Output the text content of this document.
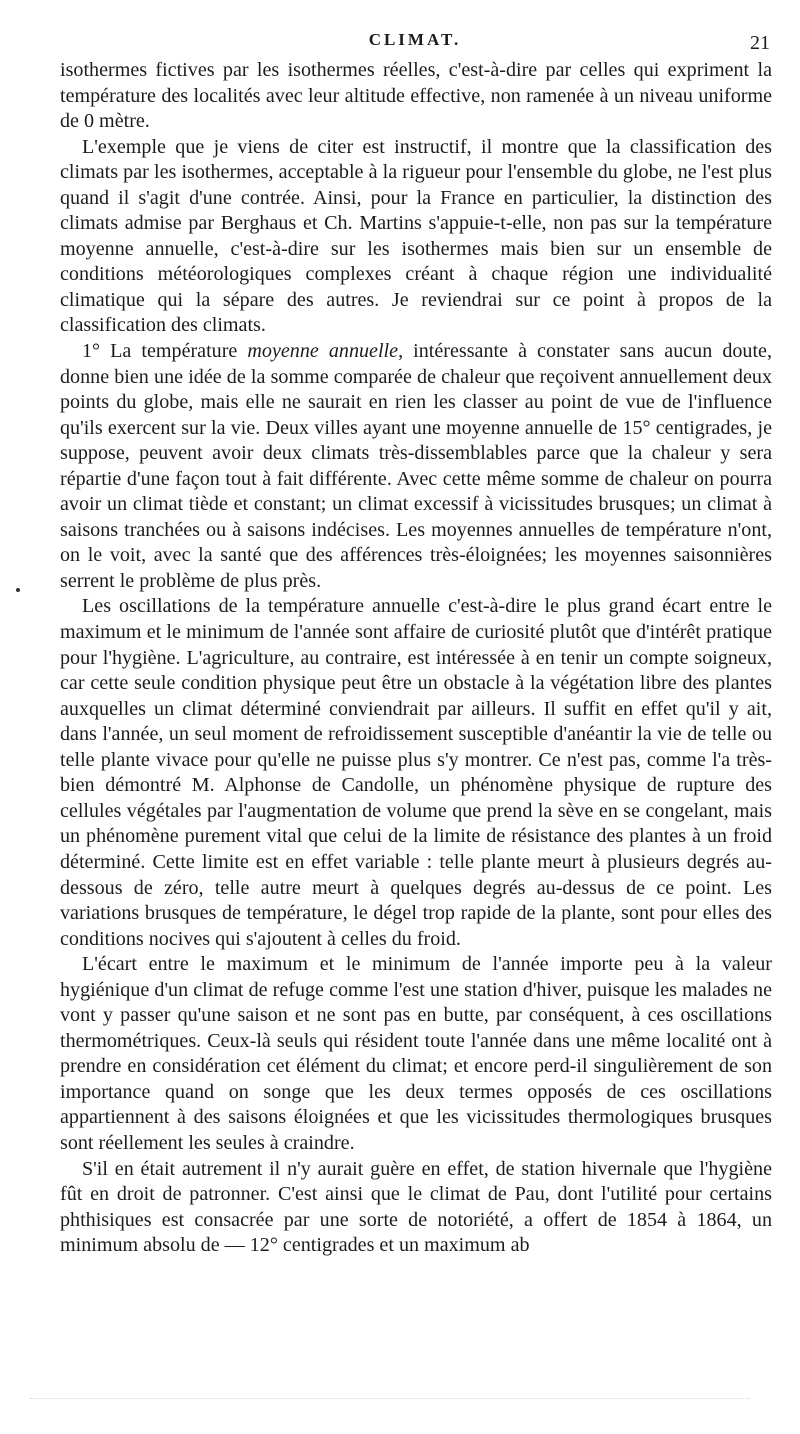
CLIMAT.	21

isothermes fictives par les isothermes réelles, c'est-à-dire par celles qui expriment la température des localités avec leur altitude effective, non ramenée à un niveau uniforme de 0 mètre.

L'exemple que je viens de citer est instructif, il montre que la classification des climats par les isothermes, acceptable à la rigueur pour l'ensemble du globe, ne l'est plus quand il s'agit d'une contrée. Ainsi, pour la France en particulier, la distinction des climats admise par Berghaus et Ch. Martins s'appuie-t-elle, non pas sur la température moyenne annuelle, c'est-à-dire sur les isothermes mais bien sur un ensemble de conditions météorologiques complexes créant à chaque région une individualité climatique qui la sépare des autres. Je reviendrai sur ce point à propos de la classification des climats.

1° La température moyenne annuelle, intéressante à constater sans aucun doute, donne bien une idée de la somme comparée de chaleur que reçoivent annuellement deux points du globe, mais elle ne saurait en rien les classer au point de vue de l'influence qu'ils exercent sur la vie. Deux villes ayant une moyenne annuelle de 15° centigrades, je suppose, peuvent avoir deux climats très-dissemblables parce que la chaleur y sera répartie d'une façon tout à fait différente. Avec cette même somme de chaleur on pourra avoir un climat tiède et constant; un climat excessif à vicissitudes brusques; un climat à saisons tranchées ou à saisons indécises. Les moyennes annuelles de température n'ont, on le voit, avec la santé que des afférences très-éloignées; les moyennes saisonnières serrent le problème de plus près.

Les oscillations de la température annuelle c'est-à-dire le plus grand écart entre le maximum et le minimum de l'année sont affaire de curiosité plutôt que d'intérêt pratique pour l'hygiène. L'agriculture, au contraire, est intéressée à en tenir un compte soigneux, car cette seule condition physique peut être un obstacle à la végétation libre des plantes auxquelles un climat déterminé conviendrait par ailleurs. Il suffit en effet qu'il y ait, dans l'année, un seul moment de refroidissement susceptible d'anéantir la vie de telle ou telle plante vivace pour qu'elle ne puisse plus s'y montrer. Ce n'est pas, comme l'a très-bien démontré M. Alphonse de Candolle, un phénomène physique de rupture des cellules végétales par l'augmentation de volume que prend la sève en se congelant, mais un phénomène purement vital que celui de la limite de résistance des plantes à un froid déterminé. Cette limite est en effet variable : telle plante meurt à plusieurs degrés au-dessous de zéro, telle autre meurt à quelques degrés au-dessus de ce point. Les variations brusques de température, le dégel trop rapide de la plante, sont pour elles des conditions nocives qui s'ajoutent à celles du froid.

L'écart entre le maximum et le minimum de l'année importe peu à la valeur hygiénique d'un climat de refuge comme l'est une station d'hiver, puisque les malades ne vont y passer qu'une saison et ne sont pas en butte, par conséquent, à ces oscillations thermométriques. Ceux-là seuls qui résident toute l'année dans une même localité ont à prendre en considération cet élément du climat; et encore perd-il singulièrement de son importance quand on songe que les deux termes opposés de ces oscillations appartiennent à des saisons éloignées et que les vicissitudes thermologiques brusques sont réellement les seules à craindre.

S'il en était autrement il n'y aurait guère en effet, de station hivernale que l'hygiène fût en droit de patronner. C'est ainsi que le climat de Pau, dont l'utilité pour certains phthisiques est consacrée par une sorte de notoriété, a offert de 1854 à 1864, un minimum absolu de — 12° centigrades et un maximum ab
